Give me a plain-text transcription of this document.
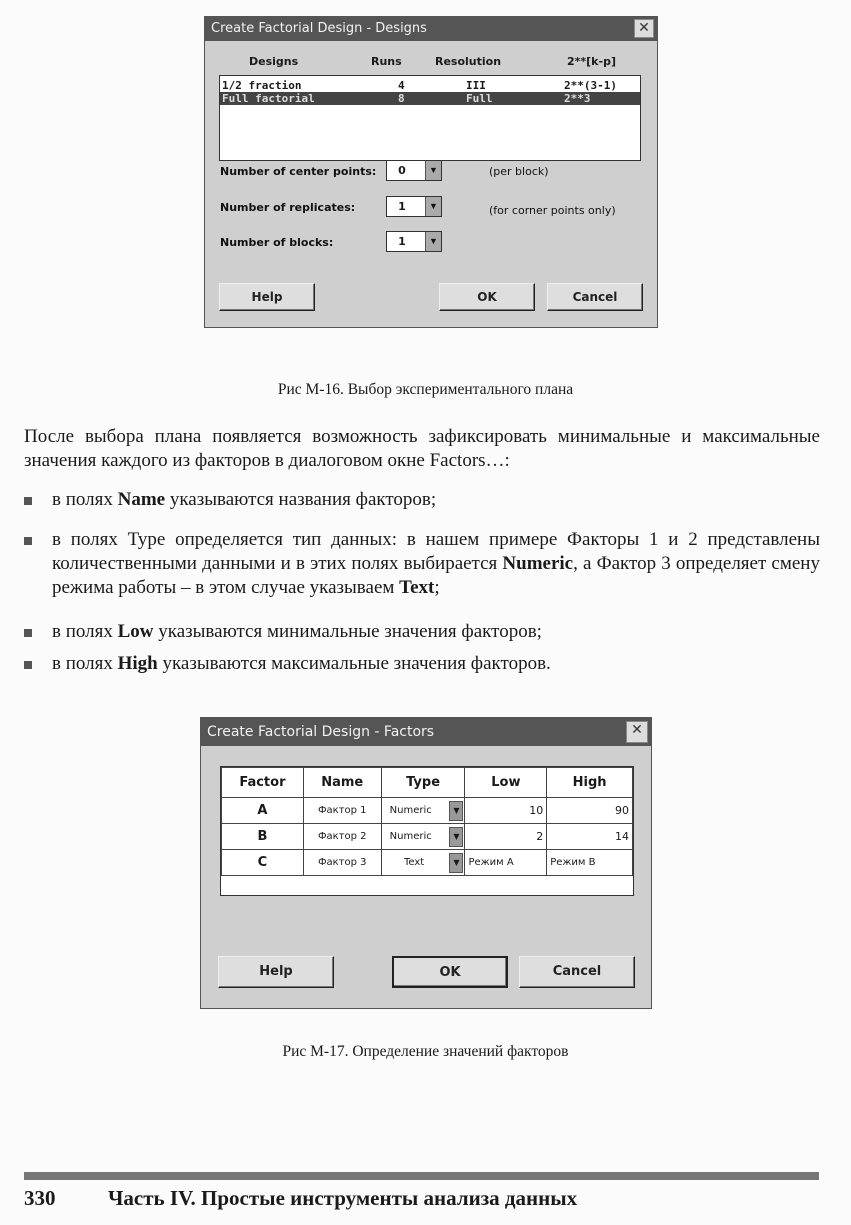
Create Factorial Design - Designs	✕
Designs	Runs	Resolution	2**[k-p]
1/2 fraction	4	III	2**(3-1)
Full factorial	8	Full	2**3
Number of center points:	0	▼	(per block)
Number of replicates:	1	▼	(for corner points only)
Number of blocks:	1	▼
Help	OK	Cancel
Рис M-16. Выбор экспериментального плана
После выбора плана появляется возможность зафиксировать минимальные и максимальные значения каждого из факторов в диалоговом окне Factors…:
в полях Name указываются названия факторов;
в полях Type определяется тип данных: в нашем примере Факторы 1 и 2 представлены количественными данными и в этих полях выбирается Numeric, а Фактор 3 определяет смену режима работы – в этом случае указываем Text;
в полях Low указываются минимальные значения факторов;
в полях High указываются максимальные значения факторов.
Create Factorial Design - Factors	✕
Factor	Name	Type	Low	High
A	Фактор 1	Numeric ▼	10	90
B	Фактор 2	Numeric ▼	2	14
C	Фактор 3	Text ▼	Режим A	Режим B
Help	OK	Cancel
Рис M-17. Определение значений факторов
330	Часть IV. Простые инструменты анализа данных
